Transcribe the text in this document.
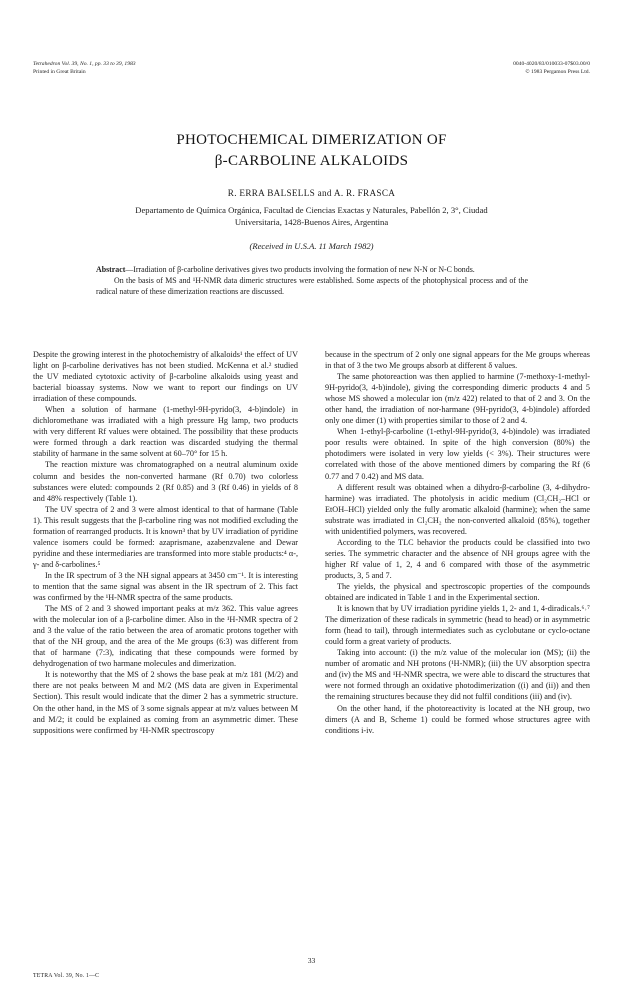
Tetrahedron Vol. 39, No. 1, pp. 33 to 39, 1983
Printed in Great Britain
0040-4020/83/010033-07$03.00/0
© 1983 Pergamon Press Ltd.
PHOTOCHEMICAL DIMERIZATION OF
β-CARBOLINE ALKALOIDS
R. ERRA BALSELLS and A. R. FRASCA
Departamento de Química Orgánica, Facultad de Ciencias Exactas y Naturales, Pabellón 2, 3°, Ciudad
Universitaria, 1428-Buenos Aires, Argentina
(Received in U.S.A. 11 March 1982)

Abstract—Irradiation of β-carboline derivatives gives two products involving the formation of new N-N or N-C bonds.

On the basis of MS and ¹H-NMR data dimeric structures were established. Some aspects of the photophysical process and of the radical nature of these dimerization reactions are discussed.

Despite the growing interest in the photochemistry of alkaloids¹ the effect of UV light on β-carboline derivatives has not been studied. McKenna et al.² studied the UV mediated cytotoxic activity of β-carboline alkaloids using yeast and bacterial bioassay systems. Now we want to report our findings on UV irradiation of these compounds.

When a solution of harmane (1-methyl-9H-pyrido(3, 4-b)indole) in dichloromethane was irradiated with a high pressure Hg lamp, two products with very different Rf values were obtained. The possibility that these products were formed through a dark reaction was discarded studying the thermal stability of harmane in the same solvent at 60–70° for 15 h.

The reaction mixture was chromatographed on a neutral aluminum oxide column and besides the non-converted harmane (Rf 0.70) two colorless substances were eluted: compounds 2 (Rf 0.85) and 3 (Rf 0.46) in yields of 8 and 48% respectively (Table 1).

The UV spectra of 2 and 3 were almost identical to that of harmane (Table 1). This result suggests that the β-carboline ring was not modified excluding the formation of rearranged products. It is known³ that by UV irradiation of pyridine valence isomers could be formed: azaprismane, azabenzvalene and Dewar pyridine and these intermediaries are transformed into more stable products:⁴ α-, γ- and δ-carbolines.⁵

In the IR spectrum of 3 the NH signal appears at 3450 cm⁻¹. It is interesting to mention that the same signal was absent in the IR spectrum of 2. This fact was confirmed by the ¹H-NMR spectra of the same products.

The MS of 2 and 3 showed important peaks at m/z 362. This value agrees with the molecular ion of a β-carboline dimer. Also in the ¹H-NMR spectra of 2 and 3 the value of the ratio between the area of aromatic protons together with that of the NH group, and the area of the Me groups (6:3) was different from that of harmane (7:3), indicating that these compounds were formed by dehydrogenation of two harmane molecules and dimerization.

It is noteworthy that the MS of 2 shows the base peak at m/z 181 (M/2) and there are not peaks between M and M/2 (MS data are given in Experimental Section). This result would indicate that the dimer 2 has a symmetric structure. On the other hand, in the MS of 3 some signals appear at m/z values between M and M/2; it could be explained as coming from an asymmetric dimer. These suppositions were confirmed by ¹H-NMR spectroscopy

because in the spectrum of 2 only one signal appears for the Me groups whereas in that of 3 the two Me groups absorb at different δ values.

The same photoreaction was then applied to harmine (7-methoxy-1-methyl-9H-pyrido(3, 4-b)indole), giving the corresponding dimeric products 4 and 5 whose MS showed a molecular ion (m/z 422) related to that of 2 and 3. On the other hand, the irradiation of nor-harmane (9H-pyrido(3, 4-b)indole) afforded only one dimer (1) with properties similar to those of 2 and 4.

When 1-ethyl-β-carboline (1-ethyl-9H-pyrido(3, 4-b)indole) was irradiated poor results were obtained. In spite of the high conversion (80%) the photodimers were isolated in very low yields (< 3%). Their structures were correlated with those of the above mentioned dimers by comparing the Rf (6 0.77 and 7 0.42) and MS data.

A different result was obtained when a dihydro-β-carboline (3, 4-dihydro-harmine) was irradiated. The photolysis in acidic medium (Cl₂CH₂–HCl or EtOH–HCl) yielded only the fully aromatic alkaloid (harmine); when the same substrate was irradiated in Cl₂CH₂ the non-converted alkaloid (85%), together with unidentified polymers, was recovered.

According to the TLC behavior the products could be classified into two series. The symmetric character and the absence of NH groups agree with the higher Rf value of 1, 2, 4 and 6 compared with those of the asymmetric products, 3, 5 and 7.

The yields, the physical and spectroscopic properties of the compounds obtained are indicated in Table 1 and in the Experimental section.

It is known that by UV irradiation pyridine yields 1, 2- and 1, 4-diradicals.⁶˒⁷ The dimerization of these radicals in symmetric (head to head) or in asymmetric form (head to tail), through intermediates such as cyclobutane or cyclo-octane could form a great variety of products.

Taking into account: (i) the m/z value of the molecular ion (MS); (ii) the number of aromatic and NH protons (¹H-NMR); (iii) the UV absorption spectra and (iv) the MS and ¹H-NMR spectra, we were able to discard the structures that were not formed through an oxidative photodimerization ((i) and (ii)) and then the remaining structures because they did not fulfil conditions (iii) and (iv).

On the other hand, if the photoreactivity is located at the NH group, two dimers (A and B, Scheme 1) could be formed whose structures agree with conditions i-iv.

33
TETRA Vol. 39, No. 1—C
